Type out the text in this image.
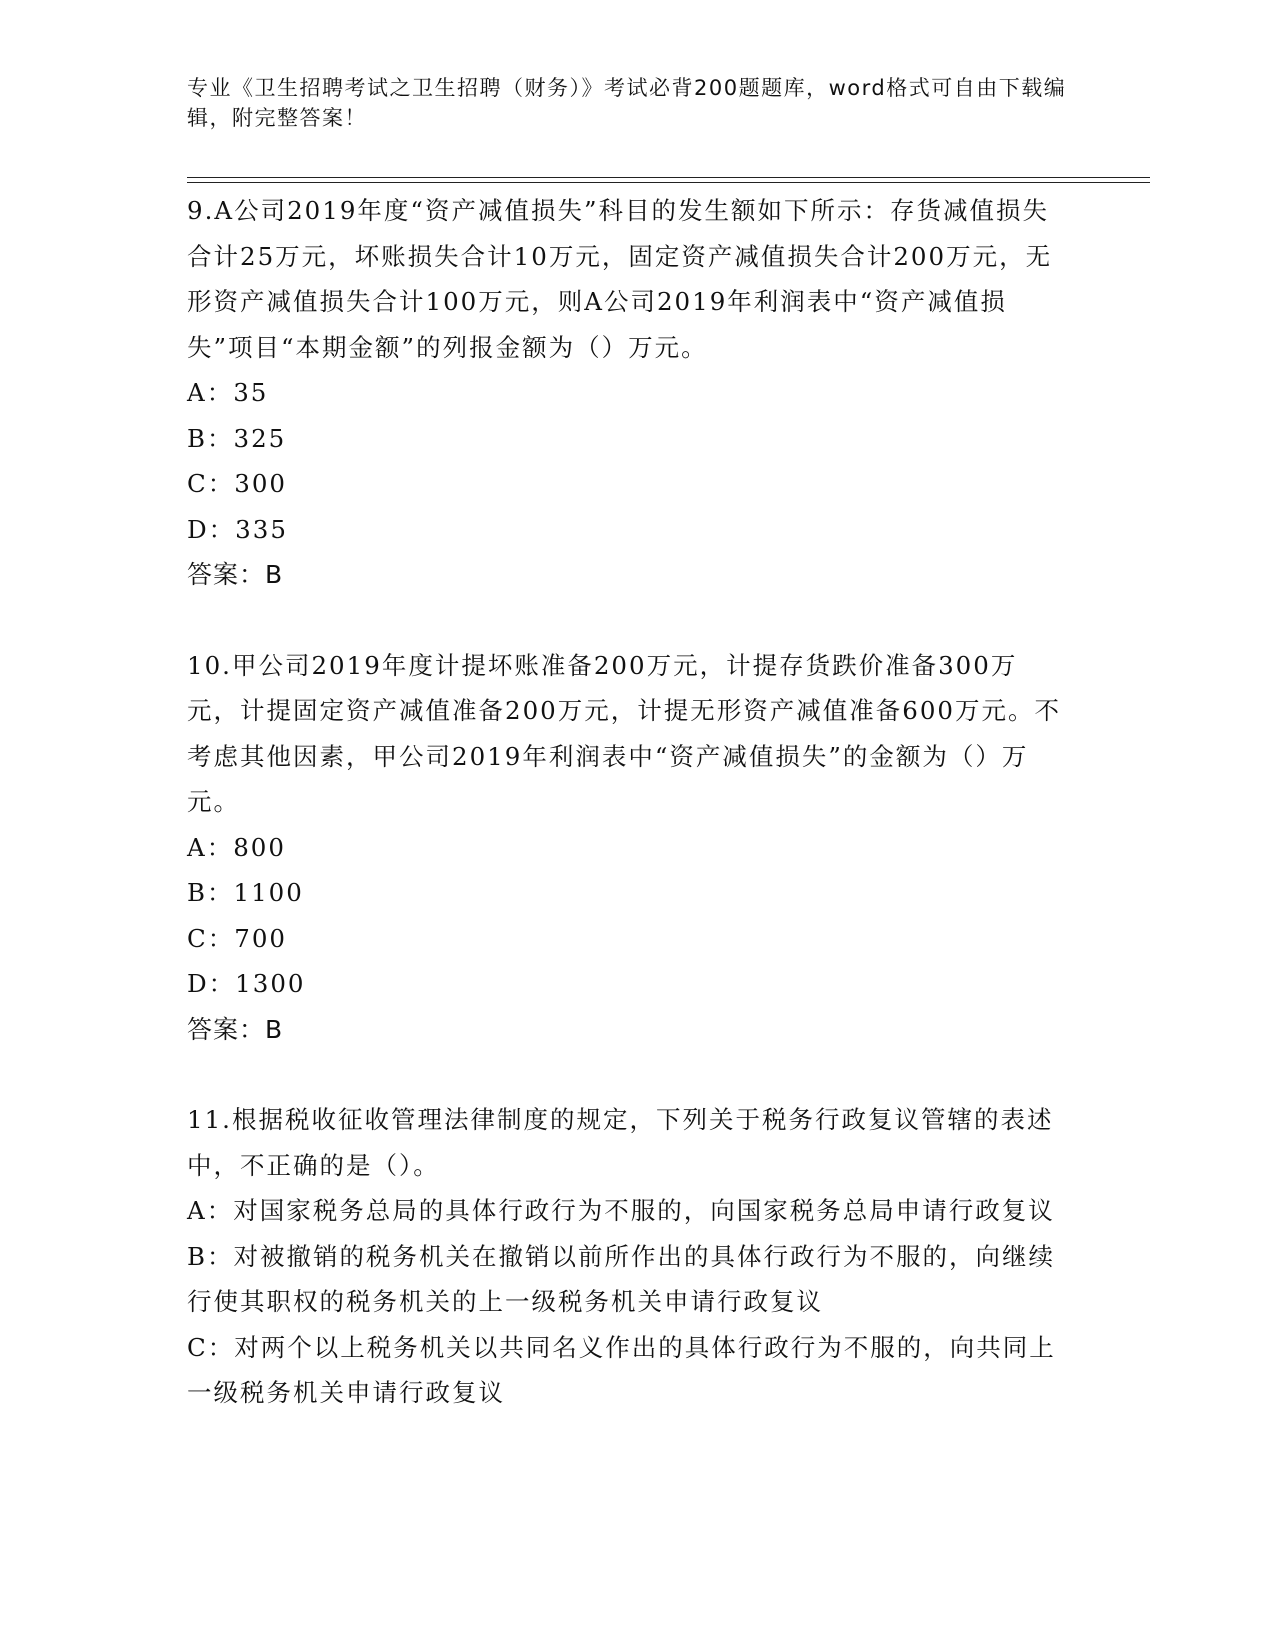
专业《卫生招聘考试之卫生招聘（财务）》考试必背200题题库，word格式可自由下载编辑，附完整答案！
9.A公司2019年度“资产减值损失”科目的发生额如下所示：存货减值损失合计25万元，坏账损失合计10万元，固定资产减值损失合计200万元，无形资产减值损失合计100万元，则A公司2019年利润表中“资产减值损失”项目“本期金额”的列报金额为（）万元。
A：35
B：325
C：300
D：335
答案：B
10.甲公司2019年度计提坏账准备200万元，计提存货跌价准备300万元，计提固定资产减值准备200万元，计提无形资产减值准备600万元。不考虑其他因素，甲公司2019年利润表中“资产减值损失”的金额为（）万元。
A：800
B：1100
C：700
D：1300
答案：B
11.根据税收征收管理法律制度的规定，下列关于税务行政复议管辖的表述中，不正确的是（）。
A：对国家税务总局的具体行政行为不服的，向国家税务总局申请行政复议
B：对被撤销的税务机关在撤销以前所作出的具体行政行为不服的，向继续行使其职权的税务机关的上一级税务机关申请行政复议
C：对两个以上税务机关以共同名义作出的具体行政行为不服的，向共同上一级税务机关申请行政复议
